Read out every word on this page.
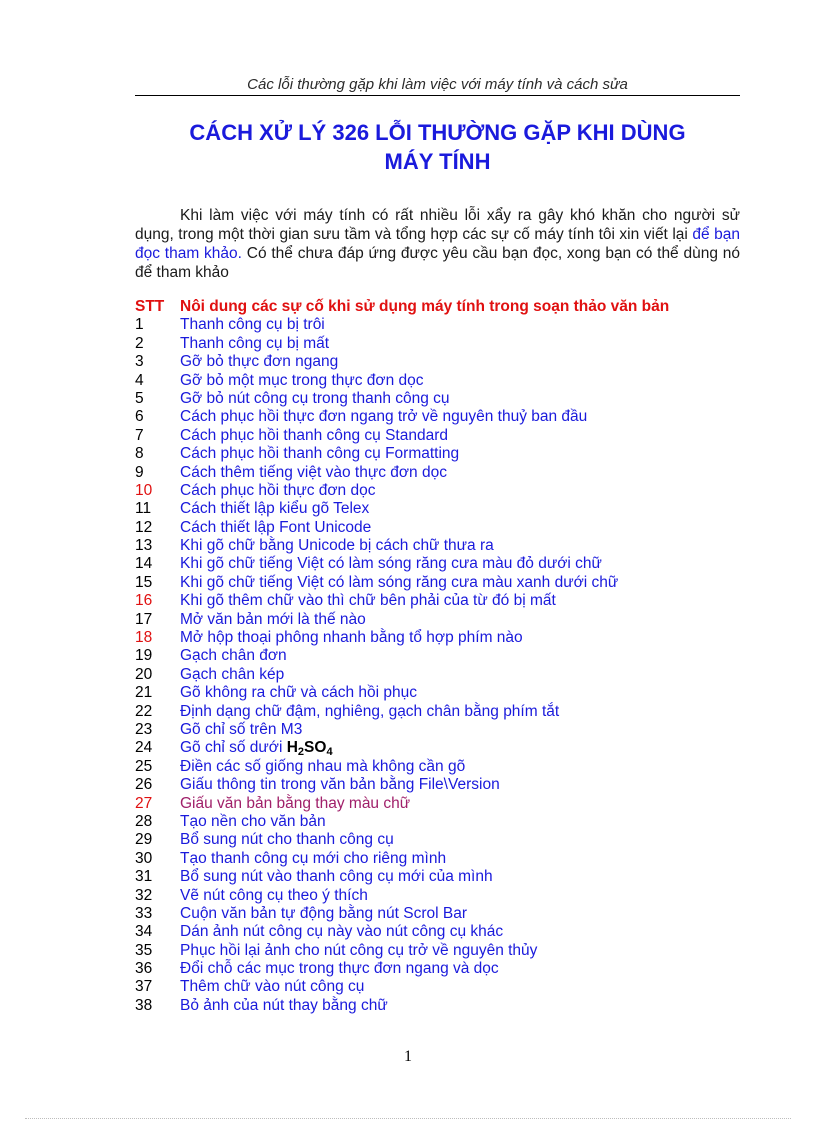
Các lỗi thường gặp khi làm việc với máy tính và cách sửa
CÁCH XỬ LÝ 326 LỖI THƯỜNG GẶP KHI DÙNG
MÁY TÍNH

Khi làm việc với máy tính có rất nhiều lỗi xẩy ra gây khó khăn cho người sử dụng, trong một thời gian sưu tầm và tổng hợp các sự cố máy tính tôi xin viết lại để bạn đọc tham khảo. Có thể chưa đáp ứng được yêu cầu bạn đọc, xong bạn có thể dùng nó để tham khảo

STT	Nôi dung các sự cố khi sử dụng máy tính trong soạn thảo văn bản
1	Thanh công cụ bị trôi
2	Thanh công cụ bị mất
3	Gỡ bỏ thực đơn ngang
4	Gỡ bỏ một mục trong thực đơn dọc
5	Gỡ bỏ nút công cụ trong thanh công cụ
6	Cách phục hồi thực đơn ngang trở về nguyên thuỷ ban đầu
7	Cách phục hồi thanh công cụ Standard
8	Cách phục hồi thanh công cụ Formatting
9	Cách thêm tiếng việt vào thực đơn dọc
10	Cách phục hồi thực đơn dọc
11	Cách thiết lập kiểu gõ Telex
12	Cách thiết lập Font Unicode
13	Khi gõ chữ bằng Unicode bị cách chữ thưa ra
14	Khi gõ chữ tiếng Việt có làm sóng răng cưa màu đỏ dưới chữ
15	Khi gõ chữ tiếng Việt có làm sóng răng cưa màu xanh dưới chữ
16	Khi gõ thêm chữ vào thì chữ bên phải của từ đó bị mất
17	Mở văn bản mới là thế nào
18	Mở hộp thoại phông nhanh bằng tổ hợp phím nào
19	Gạch chân đơn
20	Gạch chân kép
21	Gõ không ra chữ và cách hồi phục
22	Định dạng chữ đậm, nghiêng, gạch chân bằng phím tắt
23	Gõ chỉ số trên M3
24	Gõ chỉ số dưới $H_2SO_4$
25	Điền các số giống nhau mà không cần gõ
26	Giấu thông tin trong văn bản bằng File\Version
27	Giấu văn bản bằng thay màu chữ
28	Tạo nền cho văn bản
29	Bổ sung nút cho thanh công cụ
30	Tạo thanh công cụ mới cho riêng mình
31	Bổ sung nút vào thanh công cụ mới của mình
32	Vẽ nút công cụ theo ý thích
33	Cuộn văn bản tự động bằng nút Scrol Bar
34	Dán ảnh nút công cụ này vào nút công cụ khác
35	Phục hồi lại ảnh cho nút công cụ trở về nguyên thủy
36	Đổi chỗ các mục trong thực đơn ngang và dọc
37	Thêm chữ vào nút công cụ
38	Bỏ ảnh của nút thay bằng chữ
1
